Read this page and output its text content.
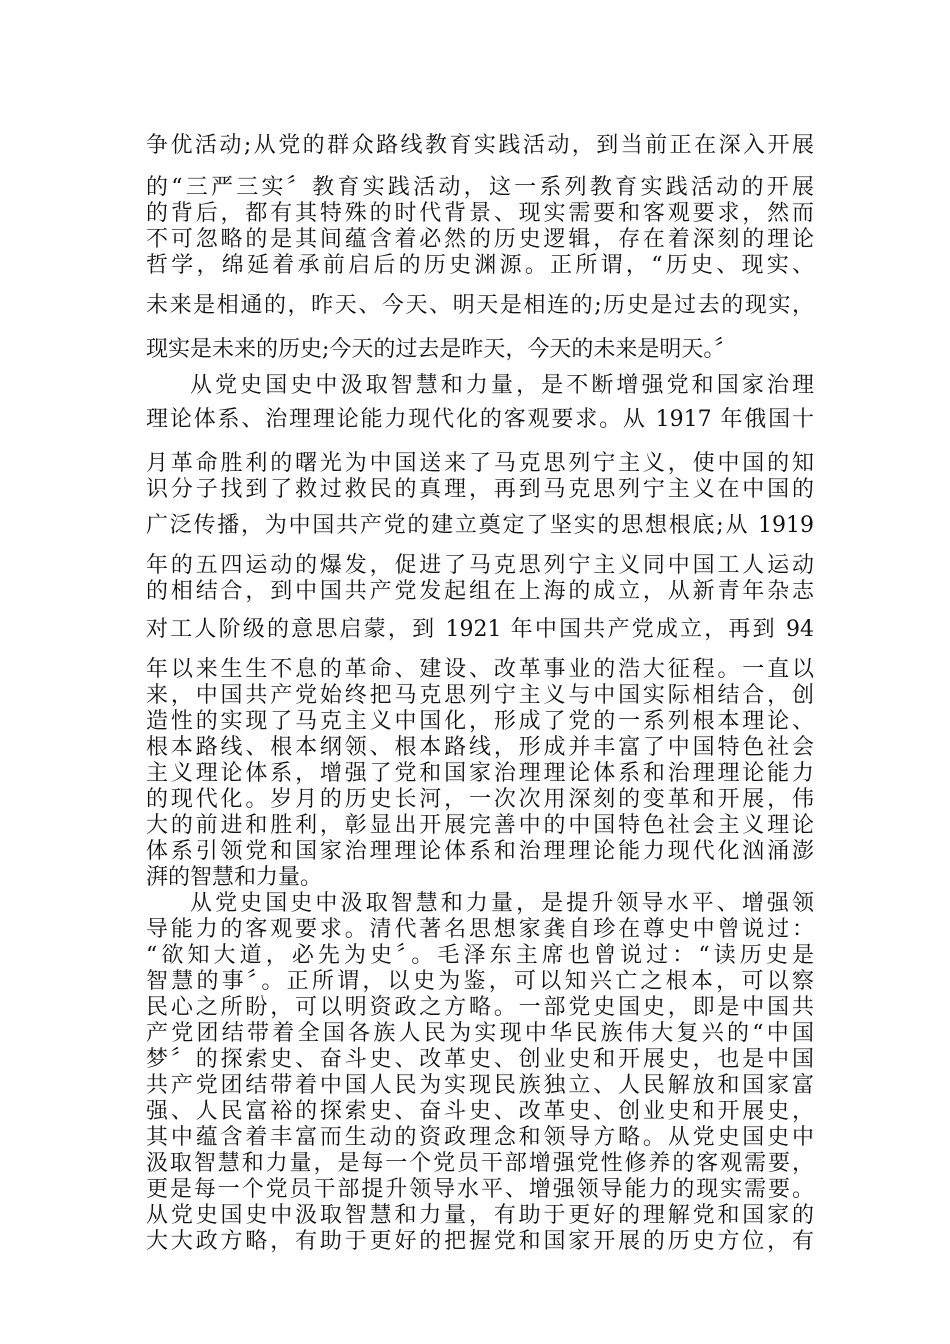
争优活动;从党的群众路线教育实践活动，到当前正在深入开展
的“三严三实〞教育实践活动，这一系列教育实践活动的开展
的背后，都有其特殊的时代背景、现实需要和客观要求，然而
不可忽略的是其间蕴含着必然的历史逻辑，存在着深刻的理论
哲学，绵延着承前启后的历史渊源。正所谓，“历史、现实、
未来是相通的，昨天、今天、明天是相连的;历史是过去的现实，
现实是未来的历史;今天的过去是昨天，今天的未来是明天。〞
从党史国史中汲取智慧和力量，是不断增强党和国家治理
理论体系、治理理论能力现代化的客观要求。从 1917 年俄国十
月革命胜利的曙光为中国送来了马克思列宁主义，使中国的知
识分子找到了救过救民的真理，再到马克思列宁主义在中国的
广泛传播，为中国共产党的建立奠定了坚实的思想根底;从 1919
年的五四运动的爆发，促进了马克思列宁主义同中国工人运动
的相结合，到中国共产党发起组在上海的成立，从新青年杂志
对工人阶级的意思启蒙，到 1921 年中国共产党成立，再到 94
年以来生生不息的革命、建设、改革事业的浩大征程。一直以
来，中国共产党始终把马克思列宁主义与中国实际相结合，创
造性的实现了马克主义中国化，形成了党的一系列根本理论、
根本路线、根本纲领、根本路线，形成并丰富了中国特色社会
主义理论体系，增强了党和国家治理理论体系和治理理论能力
的现代化。岁月的历史长河，一次次用深刻的变革和开展，伟
大的前进和胜利，彰显出开展完善中的中国特色社会主义理论
体系引领党和国家治理理论体系和治理理论能力现代化汹涌澎
湃的智慧和力量。
从党史国史中汲取智慧和力量，是提升领导水平、增强领
导能力的客观要求。清代著名思想家龚自珍在尊史中曾说过：
“欲知大道，必先为史〞。毛泽东主席也曾说过：“读历史是
智慧的事〞。正所谓，以史为鉴，可以知兴亡之根本，可以察
民心之所盼，可以明资政之方略。一部党史国史，即是中国共
产党团结带着全国各族人民为实现中华民族伟大复兴的“中国
梦〞的探索史、奋斗史、改革史、创业史和开展史，也是中国
共产党团结带着中国人民为实现民族独立、人民解放和国家富
强、人民富裕的探索史、奋斗史、改革史、创业史和开展史，
其中蕴含着丰富而生动的资政理念和领导方略。从党史国史中
汲取智慧和力量，是每一个党员干部增强党性修养的客观需要，
更是每一个党员干部提升领导水平、增强领导能力的现实需要。
从党史国史中汲取智慧和力量，有助于更好的理解党和国家的
大大政方略，有助于更好的把握党和国家开展的历史方位，有
